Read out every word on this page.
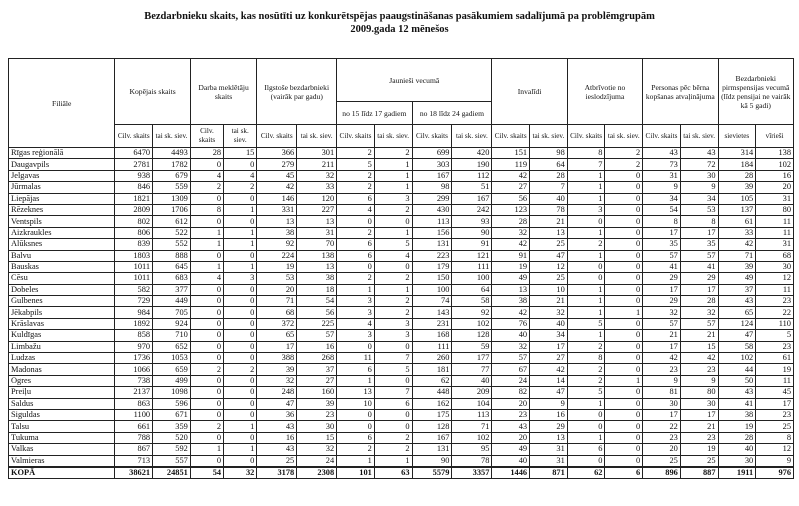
Bezdarbnieku skaits, kas nosūtīti uz konkurētspējas paaugstināšanas pasākumiem sadalījumā pa problēmgrupām
2009.gada 12 mēnešos
Filiāle	Kopējais skaits		Darba meklētāju skaits		Ilgstoše bezdarbnieki (vairāk par gadu)		Jaunieši vecumā				Invalīdi		Atbrīvotie no ieslodzījuma		Personas pēc bērna kopšanas atvaļinājuma		Bezdarbnieki pirmspensijas vecumā (līdz pensijai ne vairāk kā 5 gadi)	
							no 15 līdz 17 gadiem		no 18 līdz 24 gadiem									
	Cilv. skaits	tai sk. siev.	Cilv. skaits	tai sk. siev.	Cilv. skaits	tai sk. siev.	Cilv. skaits	tai sk. siev.	Cilv. skaits	tai sk. siev.	Cilv. skaits	tai sk. siev.	Cilv. skaits	tai sk. siev.	Cilv. skaits	tai sk. siev.	sievietes	vīrieši
Rīgas reģionālā	6470	4493	28	15	366	301	2	2	699	420	151	98	8	2	43	43	314	138
Daugavpils	2781	1782	0	0	279	211	5	1	303	190	119	64	7	2	73	72	184	102
Jelgavas	938	679	4	4	45	32	2	1	167	112	42	28	1	0	31	30	28	16
Jūrmalas	846	559	2	2	42	33	2	1	98	51	27	7	1	0	9	9	39	20
Liepājas	1821	1309	0	0	146	120	6	3	299	167	56	40	1	0	34	34	105	31
Rēzeknes	2809	1706	8	1	331	227	4	2	430	242	123	78	3	0	54	53	137	80
Ventspils	802	612	0	0	13	13	0	0	113	93	28	21	0	0	8	8	61	11
Aizkraukles	806	522	1	1	38	31	2	1	156	90	32	13	1	0	17	17	33	11
Alūksnes	839	552	1	1	92	70	6	5	131	91	42	25	2	0	35	35	42	31
Balvu	1803	888	0	0	224	138	6	4	223	121	91	47	1	0	57	57	71	68
Bauskas	1011	645	1	1	19	13	0	0	179	111	19	12	0	0	41	41	39	30
Cēsu	1011	683	4	3	53	38	2	2	150	100	49	25	0	0	29	29	49	12
Dobeles	582	377	0	0	20	18	1	1	100	64	13	10	1	0	17	17	37	11
Gulbenes	729	449	0	0	71	54	3	2	74	58	38	21	1	0	29	28	43	23
Jēkabpils	984	705	0	0	68	56	3	2	143	92	42	32	1	1	32	32	65	22
Krāslavas	1892	924	0	0	372	225	4	3	231	102	76	40	5	0	57	57	124	110
Kuldīgas	858	710	0	0	65	57	3	3	168	128	40	34	1	0	21	21	47	5
Limbažu	970	652	0	0	17	16	0	0	111	59	32	17	2	0	17	15	58	23
Ludzas	1736	1053	0	0	388	268	11	7	260	177	57	27	8	0	42	42	102	61
Madonas	1066	659	2	2	39	37	6	5	181	77	67	42	2	0	23	23	44	19
Ogres	738	499	0	0	32	27	1	0	62	40	24	14	2	1	9	9	50	11
Preiļu	2137	1098	0	0	248	160	13	7	448	209	82	47	5	0	81	80	43	45
Saldus	863	596	0	0	47	39	10	6	162	104	20	9	1	0	30	30	41	17
Siguldas	1100	671	0	0	36	23	0	0	175	113	23	16	0	0	17	17	38	23
Talsu	661	359	2	1	43	30	0	0	128	71	43	29	0	0	22	21	19	25
Tukuma	788	520	0	0	16	15	6	2	167	102	20	13	1	0	23	23	28	8
Valkas	867	592	1	1	43	32	2	2	131	95	49	31	6	0	20	19	40	12
Valmieras	713	557	0	0	25	24	1	1	90	78	40	31	0	0	25	25	30	9
KOPĀ	38621	24851	54	32	3178	2308	101	63	5579	3357	1446	871	62	6	896	887	1911	976
